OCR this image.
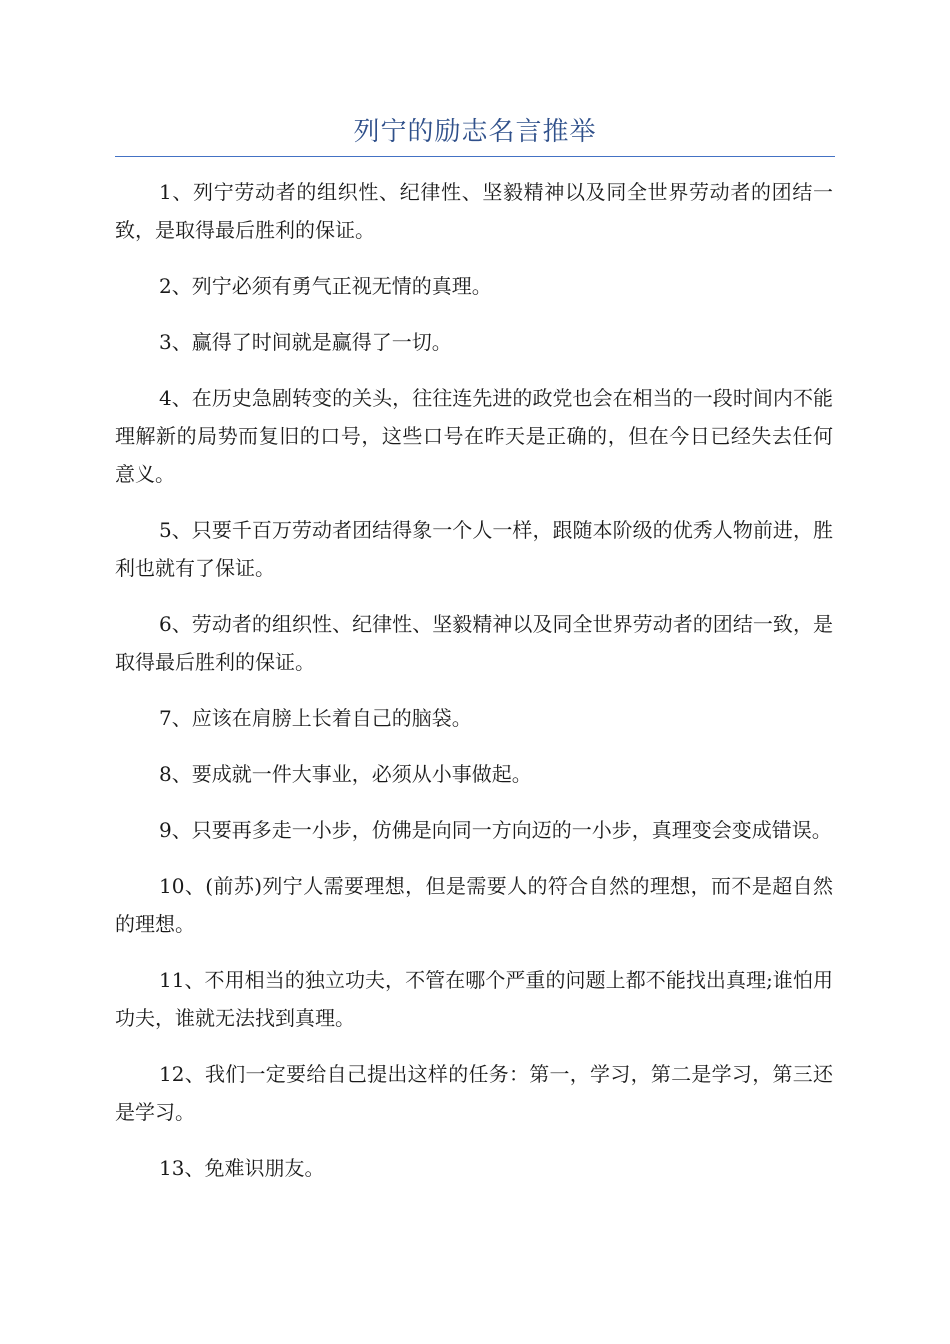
列宁的励志名言推举

1、列宁劳动者的组织性、纪律性、坚毅精神以及同全世界劳动者的团结一致，是取得最后胜利的保证。

2、列宁必须有勇气正视无情的真理。

3、赢得了时间就是赢得了一切。

4、在历史急剧转变的关头，往往连先进的政党也会在相当的一段时间内不能理解新的局势而复旧的口号，这些口号在昨天是正确的，但在今日已经失去任何意义。

5、只要千百万劳动者团结得象一个人一样，跟随本阶级的优秀人物前进，胜利也就有了保证。

6、劳动者的组织性、纪律性、坚毅精神以及同全世界劳动者的团结一致，是取得最后胜利的保证。

7、应该在肩膀上长着自己的脑袋。

8、要成就一件大事业，必须从小事做起。

9、只要再多走一小步，仿佛是向同一方向迈的一小步，真理变会变成错误。

10、(前苏)列宁人需要理想，但是需要人的符合自然的理想，而不是超自然的理想。

11、不用相当的独立功夫，不管在哪个严重的问题上都不能找出真理;谁怕用功夫，谁就无法找到真理。

12、我们一定要给自己提出这样的任务：第一，学习，第二是学习，第三还是学习。

13、免难识朋友。
